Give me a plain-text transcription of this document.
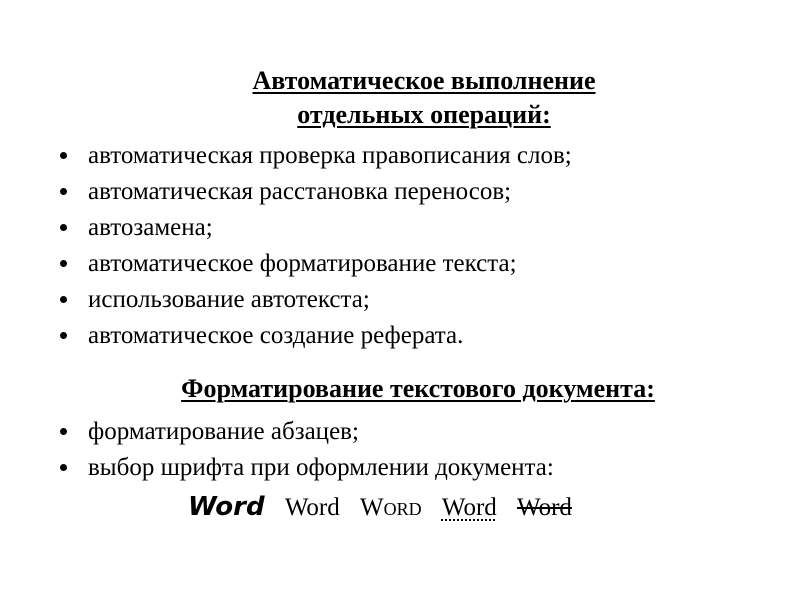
Автоматическое выполнение
отдельных операций:
автоматическая проверка правописания слов;
автоматическая расстановка переносов;
автозамена;
автоматическое форматирование текста;
использование автотекста;
автоматическое создание реферата.
Форматирование текстового документа:
форматирование абзацев;
выбор шрифта при оформлении документа:
Word Word Word Word Word
